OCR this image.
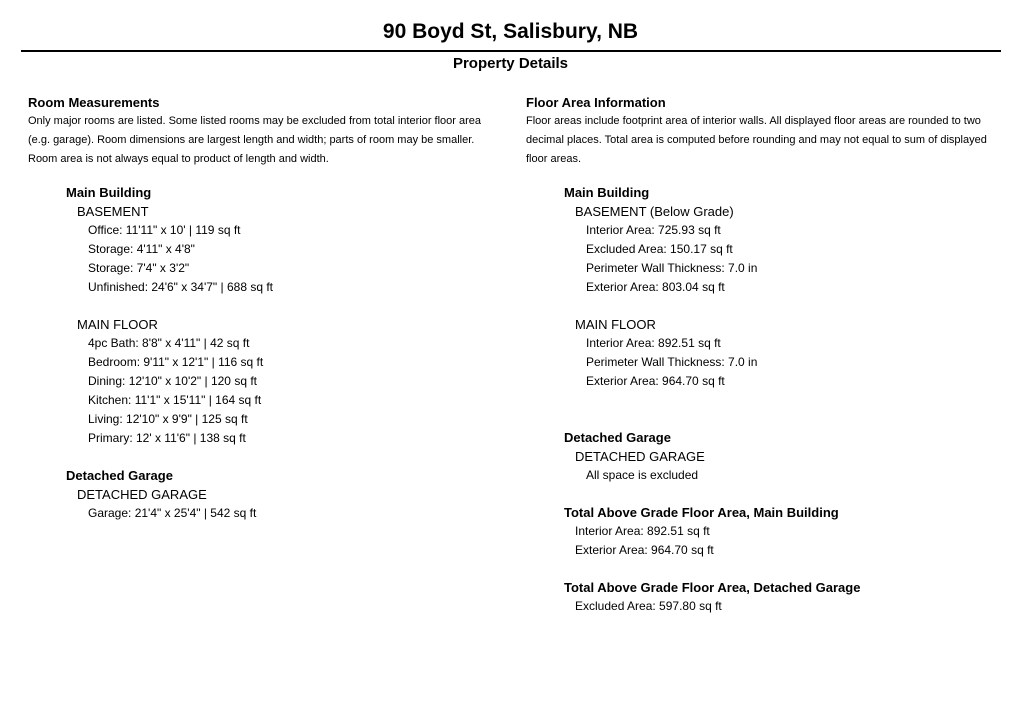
90 Boyd St, Salisbury, NB
Property Details
Room Measurements
Only major rooms are listed. Some listed rooms may be excluded from total interior floor area
(e.g. garage). Room dimensions are largest length and width; parts of room may be smaller.
Room area is not always equal to product of length and width.
Main Building
BASEMENT
Office: 11'11" x 10' | 119 sq ft
Storage: 4'11" x 4'8"
Storage: 7'4" x 3'2"
Unfinished: 24'6" x 34'7" | 688 sq ft
MAIN FLOOR
4pc Bath: 8'8" x 4'11" | 42 sq ft
Bedroom: 9'11" x 12'1" | 116 sq ft
Dining: 12'10" x 10'2" | 120 sq ft
Kitchen: 11'1" x 15'11" | 164 sq ft
Living: 12'10" x 9'9" | 125 sq ft
Primary: 12' x 11'6" | 138 sq ft
Detached Garage
DETACHED GARAGE
Garage: 21'4" x 25'4" | 542 sq ft
Floor Area Information
Floor areas include footprint area of interior walls. All displayed floor areas are rounded to two
decimal places. Total area is computed before rounding and may not equal to sum of displayed
floor areas.
Main Building
BASEMENT (Below Grade)
Interior Area: 725.93 sq ft
Excluded Area: 150.17 sq ft
Perimeter Wall Thickness: 7.0 in
Exterior Area: 803.04 sq ft
MAIN FLOOR
Interior Area: 892.51 sq ft
Perimeter Wall Thickness: 7.0 in
Exterior Area: 964.70 sq ft
Detached Garage
DETACHED GARAGE
All space is excluded
Total Above Grade Floor Area, Main Building
Interior Area: 892.51 sq ft
Exterior Area: 964.70 sq ft
Total Above Grade Floor Area, Detached Garage
Excluded Area: 597.80 sq ft
